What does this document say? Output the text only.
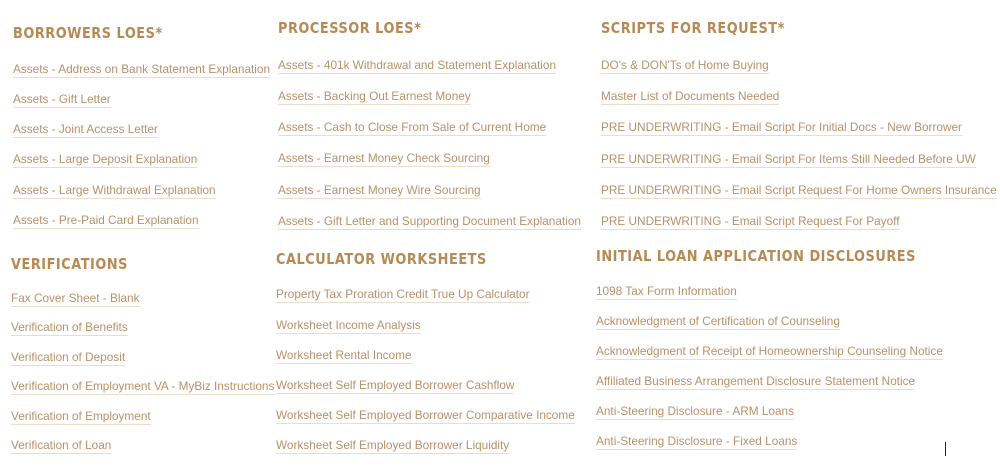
BORROWERS LOES*
Assets - Address on Bank Statement Explanation
Assets - Gift Letter
Assets - Joint Access Letter
Assets - Large Deposit Explanation
Assets - Large Withdrawal Explanation
Assets - Pre-Paid Card Explanation
PROCESSOR LOES*
Assets - 401k Withdrawal and Statement Explanation
Assets - Backing Out Earnest Money
Assets - Cash to Close From Sale of Current Home
Assets - Earnest Money Check Sourcing
Assets - Earnest Money Wire Sourcing
Assets - Gift Letter and Supporting Document Explanation
SCRIPTS FOR REQUEST*
DO's & DON'Ts of Home Buying
Master List of Documents Needed
PRE UNDERWRITING - Email Script For Initial Docs - New Borrower
PRE UNDERWRITING - Email Script For Items Still Needed Before UW
PRE UNDERWRITING - Email Script Request For Home Owners Insurance
PRE UNDERWRITING - Email Script Request For Payoff
VERIFICATIONS
Fax Cover Sheet - Blank
Verification of Benefits
Verification of Deposit
Verification of Employment VA - MyBiz Instructions
Verification of Employment
Verification of Loan
CALCULATOR WORKSHEETS
Property Tax Proration Credit True Up Calculator
Worksheet Income Analysis
Worksheet Rental Income
Worksheet Self Employed Borrower Cashflow
Worksheet Self Employed Borrower Comparative Income
Worksheet Self Employed Borrower Liquidity
INITIAL LOAN APPLICATION DISCLOSURES
1098 Tax Form Information
Acknowledgment of Certification of Counseling
Acknowledgment of Receipt of Homeownership Counseling Notice
Affiliated Business Arrangement Disclosure Statement Notice
Anti-Steering Disclosure - ARM Loans
Anti-Steering Disclosure - Fixed Loans
